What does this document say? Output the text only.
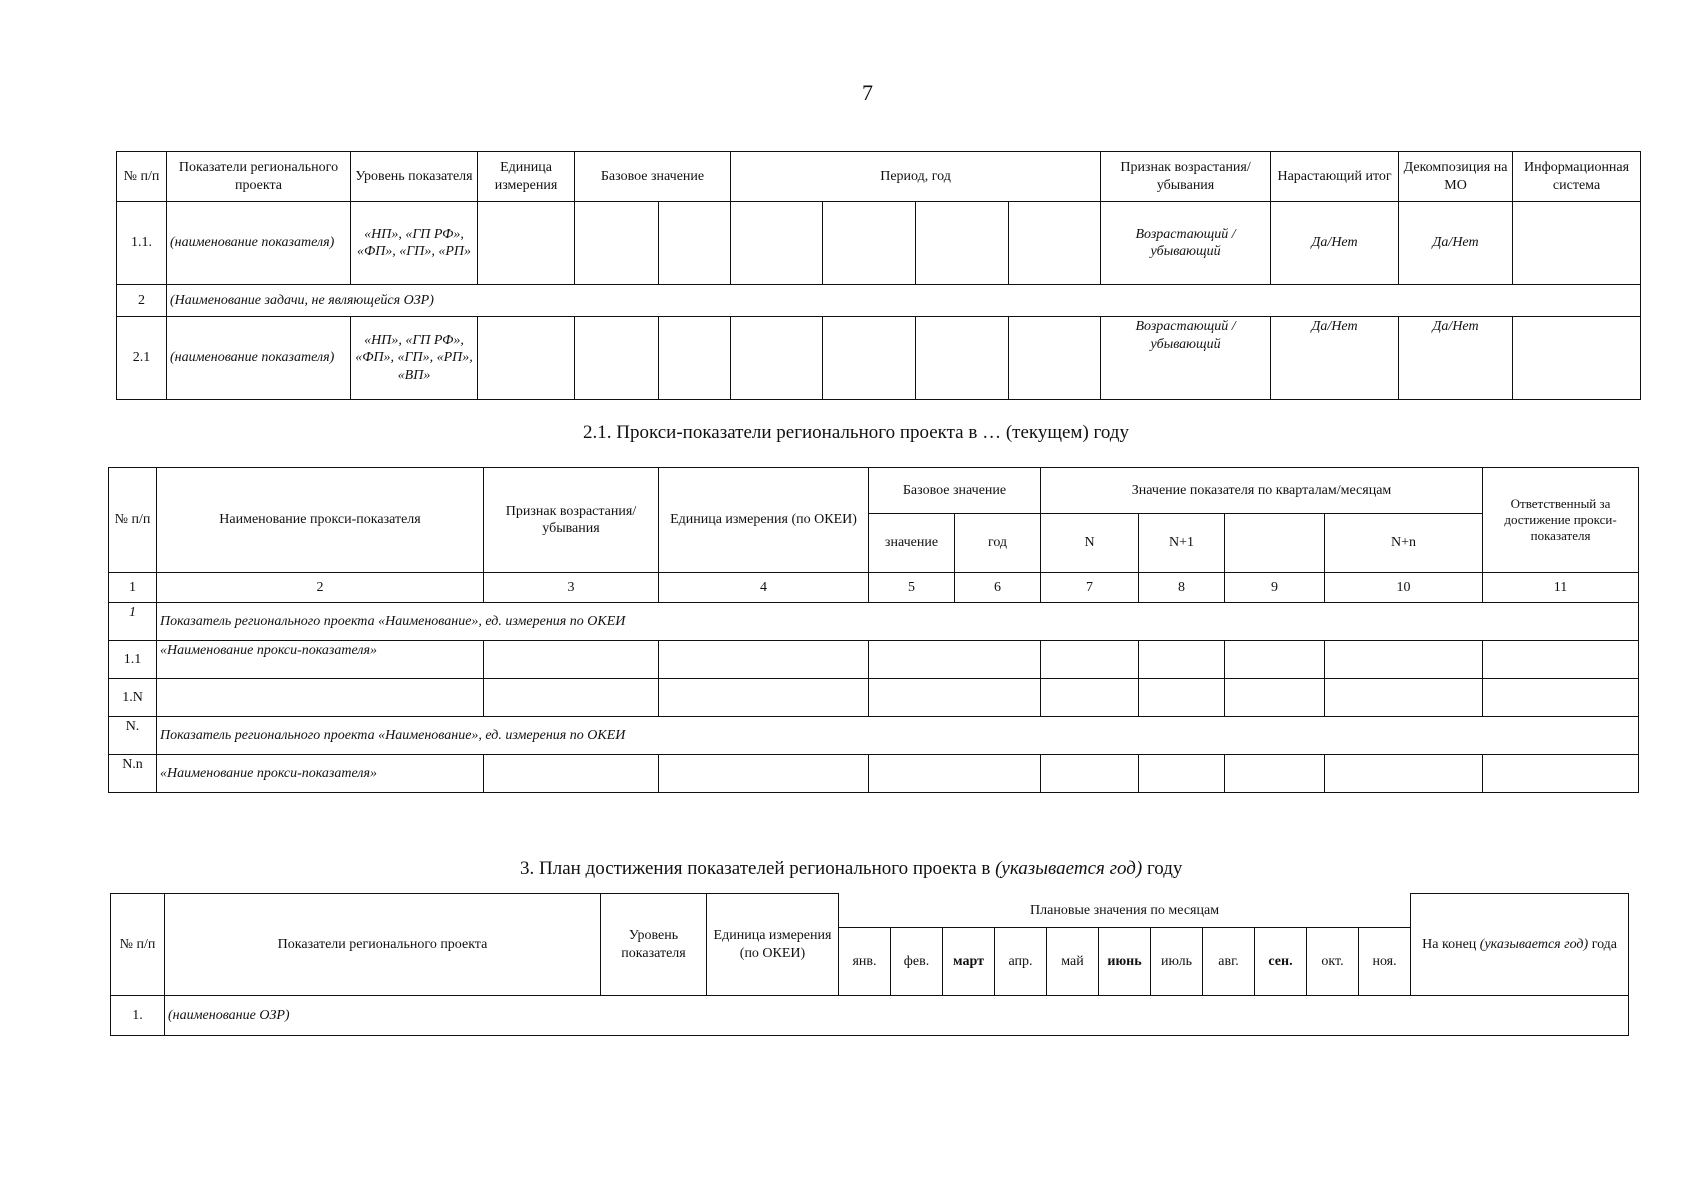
7
№ п/п	Показатели регионального проекта	Уровень показателя	Единица измерения	Базовое значение		Период, год				Признак возрастания/убывания	Нарастающий итог	Декомпозиция на МО	Информационная система
1.1.	(наименование показателя)	«НП», «ГП РФ», «ФП», «ГП», «РП»								Возрастающий / убывающий	Да/Нет	Да/Нет	
2	(Наименование задачи, не являющейся ОЗР)												
2.1	(наименование показателя)	«НП», «ГП РФ», «ФП», «ГП», «РП», «ВП»								Возрастающий / убывающий	Да/Нет	Да/Нет	
2.1. Прокси-показатели регионального проекта в … (текущем) году
№ п/п	Наименование прокси-показателя	Признак возрастания/убывания	Единица измерения (по ОКЕИ)	Базовое значение		Значение показателя по кварталам/месяцам				Ответственный за достижение прокси-показателя
				значение	год	N	N+1		N+n	
1	2	3	4	5	6	7	8	9	10	11
1	Показатель регионального проекта «Наименование», ед. измерения по ОКЕИ									
1.1	«Наименование прокси-показателя»									
1.N										
N.	Показатель регионального проекта «Наименование», ед. измерения по ОКЕИ									
N.n	«Наименование прокси-показателя»									
3. План достижения показателей регионального проекта в (указывается год) году
№ п/п	Показатели регионального проекта	Уровень показателя	Единица измерения (по ОКЕИ)	Плановые значения по месяцам											На конец (указывается год) года
				янв.	фев.	март	апр.	май	июнь	июль	авг.	сен.	окт.	ноя.	
1.	(наименование ОЗР)														
